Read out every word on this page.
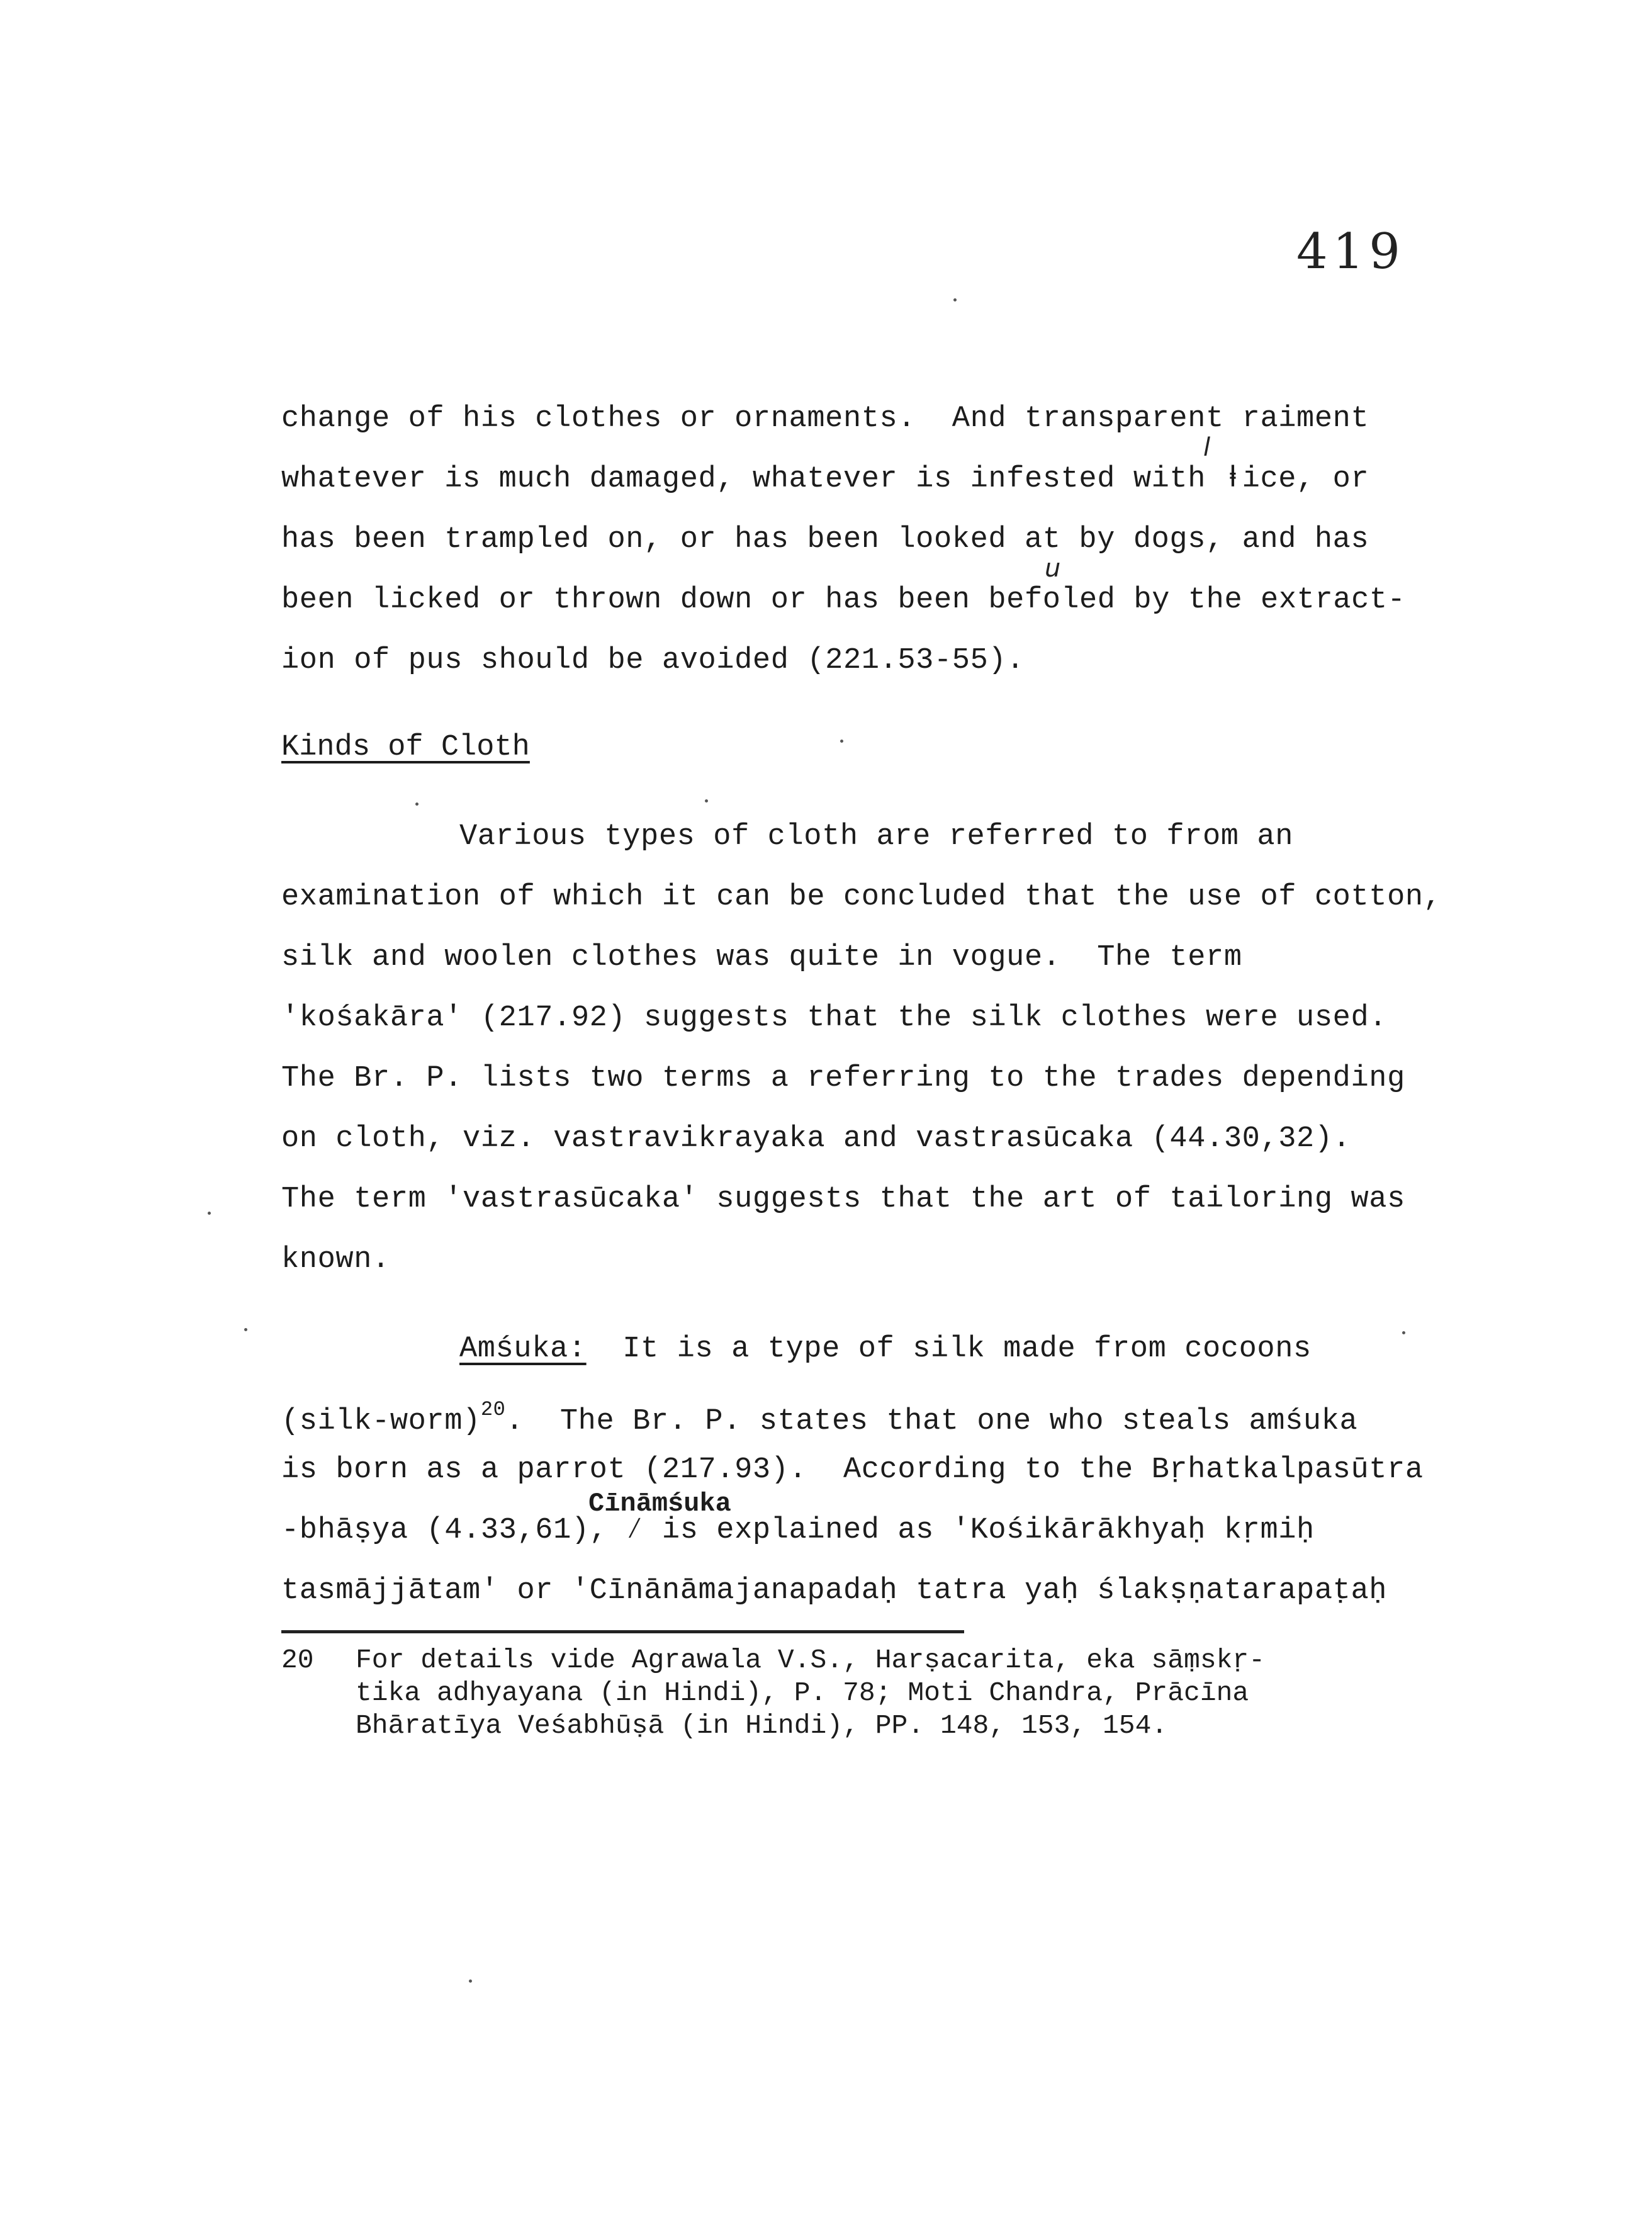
419
l
u
change of his clothes or ornaments.  And transparent raiment
whatever is much damaged, whatever is infested with ⱡice, or
has been trampled on, or has been looked at by dogs, and has
been licked or thrown down or has been befoֿled by the extract-
ion of pus should be avoided (221.53-55).
Kinds of Cloth
Various types of cloth are referred to from an
examination of which it can be concluded that the use of cotton,
silk and woolen clothes was quite in vogue.  The term
'kośakāra' (217.92) suggests that the silk clothes were used.
The Br. P. lists two terms a referring to the trades depending
on cloth, viz. vastravikrayaka and vastrasūcaka (44.30,32).
The term 'vastrasūcaka' suggests that the art of tailoring was
known.
Amśuka:  It is a type of silk made from cocoons
(silk-worm)$^{20}$.  The Br. P. states that one who steals amśuka
is born as a parrot (217.93).  According to the Bṛhatkalpasūtra
Cīnāmśuka
-bhāṣya (4.33,61), ⁄ is explained as 'Kośikārākhyaḥ kṛmiḥ
tasmājjātam' or 'Cīnānāmajanapadaḥ tatra yaḥ ślakṣṇatarapaṭaḥ
20 For details vide Agrawala V.S., Harṣacarita, eka sāṃskṛ-
tika adhyayana (in Hindi), P. 78; Moti Chandra, Prācīna
Bhāratīya Veśabhūṣā (in Hindi), PP. 148, 153, 154.
